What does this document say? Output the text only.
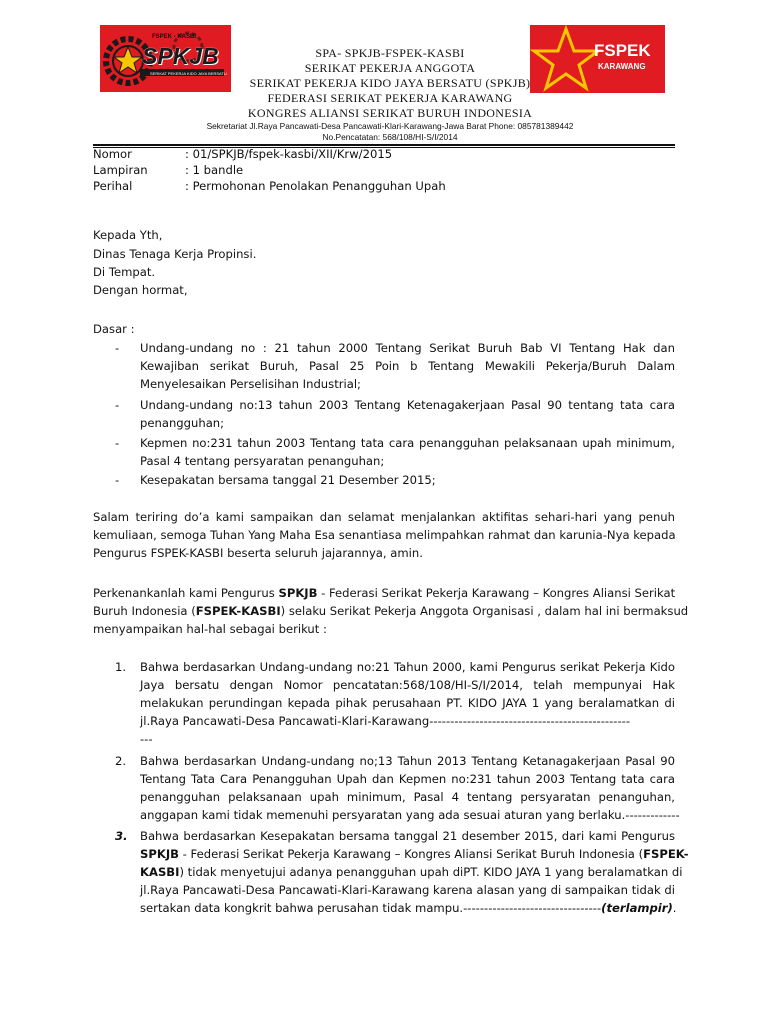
FSPEK - KASBI
SPKJB
SERIKAT PEKERJA KIDO JAYA BERSATU
FSPEK
KARAWANG
SPA- SPKJB-FSPEK-KASBI
SERIKAT PEKERJA ANGGOTA
SERIKAT PEKERJA KIDO JAYA BERSATU (SPKJB)
FEDERASI SERIKAT PEKERJA KARAWANG
KONGRES ALIANSI SERIKAT BURUH INDONESIA
Sekretariat Jl.Raya Pancawati-Desa Pancawati-Klari-Karawang-Jawa Barat Phone: 085781389442
No.Pencatatan: 568/108/HI-S/I/2014
Nomor	: 01/SPKJB/fspek-kasbi/XII/Krw/2015
Lampiran	: 1 bandle
Perihal	: Permohonan Penolakan Penangguhan Upah
Kepada Yth,
Dinas Tenaga Kerja Propinsi.
Di Tempat.
Dengan hormat,
Dasar :
- Undang-undang no : 21 tahun 2000 Tentang Serikat Buruh Bab VI Tentang Hak dan
Kewajiban serikat Buruh, Pasal 25 Poin b Tentang Mewakili Pekerja/Buruh Dalam
Menyelesaikan Perselisihan Industrial;
- Undang-undang no:13 tahun 2003 Tentang Ketenagakerjaan Pasal 90 tentang tata cara
penangguhan;
- Kepmen no:231 tahun 2003 Tentang tata cara penangguhan pelaksanaan upah minimum,
Pasal 4 tentang persyaratan penanguhan;
- Kesepakatan bersama tanggal 21 Desember 2015;
Salam teriring do’a kami sampaikan dan selamat menjalankan aktifitas sehari-hari yang penuh
kemuliaan, semoga Tuhan Yang Maha Esa senantiasa melimpahkan rahmat dan karunia-Nya kepada
Pengurus FSPEK-KASBI beserta seluruh jajarannya, amin.
Perkenankanlah kami Pengurus SPKJB - Federasi Serikat Pekerja Karawang – Kongres Aliansi Serikat
Buruh Indonesia (FSPEK-KASBI) selaku Serikat Pekerja Anggota Organisasi , dalam hal ini bermaksud
menyampaikan hal-hal sebagai berikut :
1. Bahwa berdasarkan Undang-undang no:21 Tahun 2000, kami Pengurus serikat Pekerja Kido
Jaya bersatu dengan Nomor pencatatan:568/108/HI-S/I/2014, telah mempunyai Hak
melakukan perundingan kepada pihak perusahaan PT. KIDO JAYA 1 yang beralamatkan di
jl.Raya Pancawati-Desa Pancawati-Klari-Karawang------------------------------------------------
---
2. Bahwa berdasarkan Undang-undang no;13 Tahun 2013 Tentang Ketanagakerjaan Pasal 90
Tentang Tata Cara Penangguhan Upah dan Kepmen no:231 tahun 2003 Tentang tata cara
penangguhan pelaksanaan upah minimum, Pasal 4 tentang persyaratan penanguhan,
anggapan kami tidak memenuhi persyaratan yang ada sesuai aturan yang berlaku.-------------
3. Bahwa berdasarkan Kesepakatan bersama tanggal 21 desember 2015, dari kami Pengurus
SPKJB - Federasi Serikat Pekerja Karawang – Kongres Aliansi Serikat Buruh Indonesia (FSPEK-
KASBI) tidak menyetujui adanya penangguhan upah diPT. KIDO JAYA 1 yang beralamatkan di
jl.Raya Pancawati-Desa Pancawati-Klari-Karawang karena alasan yang di sampaikan tidak di
sertakan data kongkrit bahwa perusahan tidak mampu.---------------------------------(terlampir).
